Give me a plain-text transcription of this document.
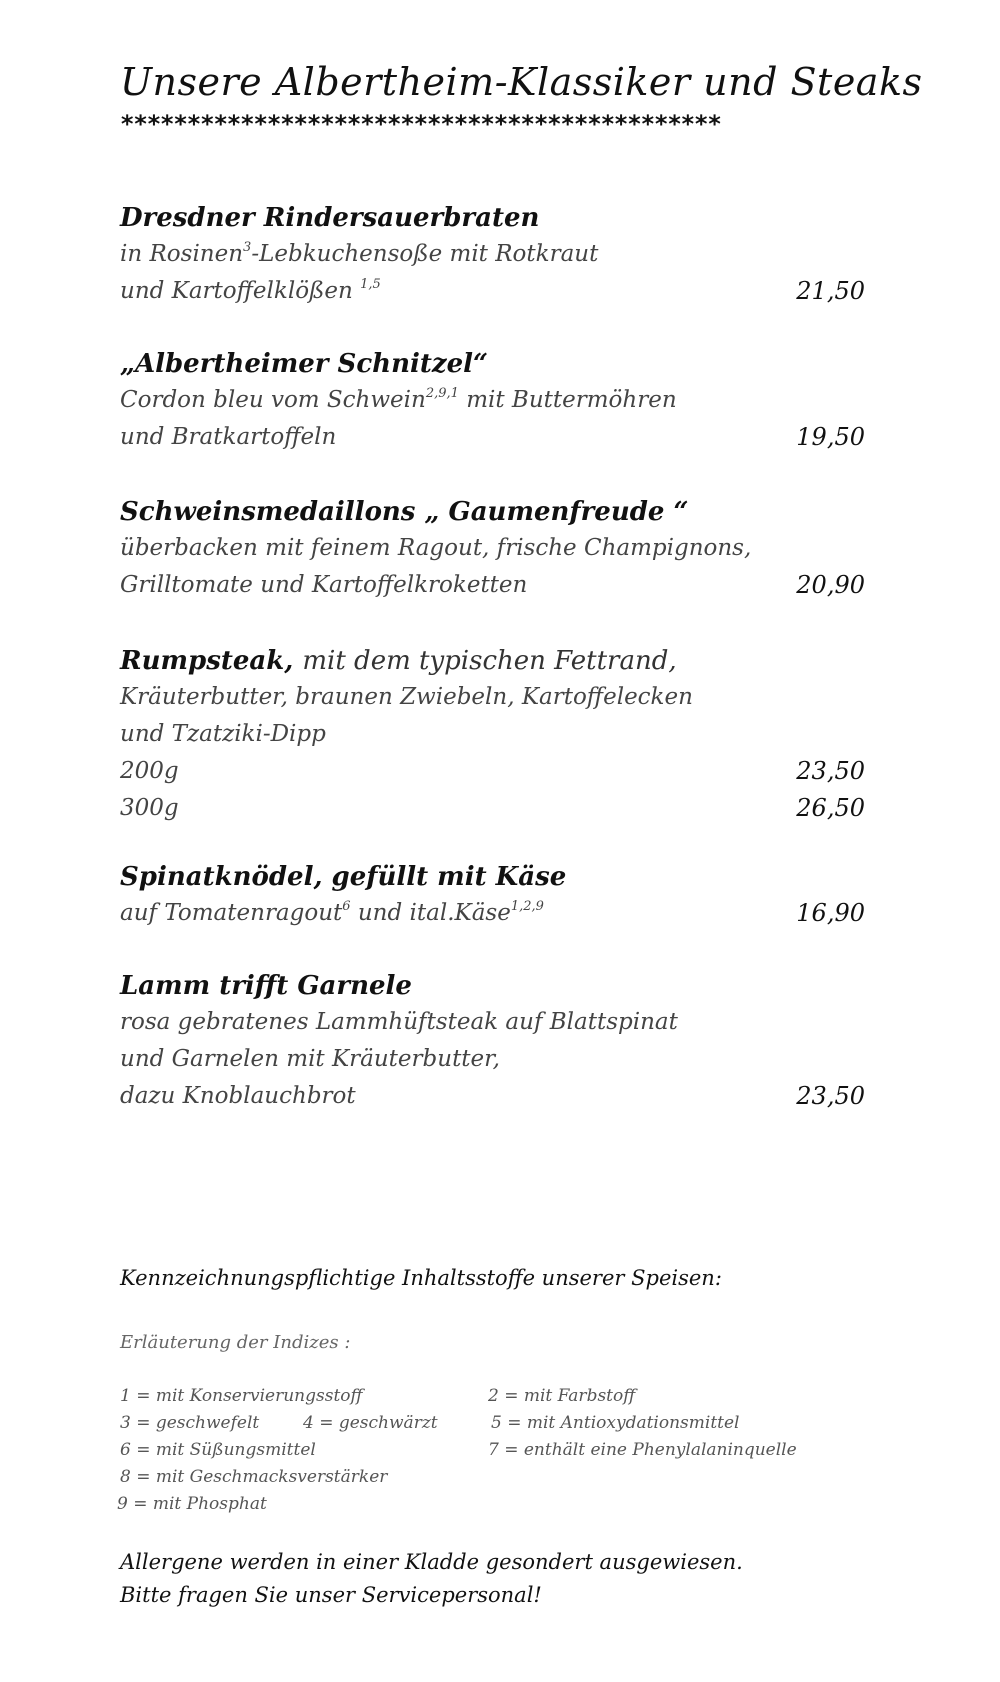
Unsere Albertheim-Klassiker und Steaks
*********************************************
Dresdner Rindersauerbraten
in Rosinen$^3$-Lebkuchensoße mit Rotkraut
und Kartoffelklößen $^{1,5}$	21,50
„Albertheimer Schnitzel“
Cordon bleu vom Schwein$^{2,9,1}$ mit Buttermöhren
und Bratkartoffeln	19,50
Schweinsmedaillons „ Gaumenfreude “
überbacken mit feinem Ragout, frische Champignons,
Grilltomate und Kartoffelkroketten	20,90
Rumpsteak, mit dem typischen Fettrand,
Kräuterbutter, braunen Zwiebeln, Kartoffelecken
und Tzatziki-Dipp
200g	23,50
300g	26,50
Spinatknödel, gefüllt mit Käse
auf Tomatenragout$^6$ und ital.Käse$^{1,2,9}$	16,90
Lamm trifft Garnele
rosa gebratenes Lammhüftsteak auf Blattspinat
und Garnelen mit Kräuterbutter,
dazu Knoblauchbrot	23,50
Kennzeichnungspflichtige Inhaltsstoffe unserer Speisen:
Erläuterung der Indizes :
1 = mit Konservierungsstoff	2 = mit Farbstoff
3 = geschwefelt	4 = geschwärzt	5 = mit Antioxydationsmittel
6 = mit Süßungsmittel	7 = enthält eine Phenylalaninquelle
8 = mit Geschmacksverstärker
9 = mit Phosphat
Allergene werden in einer Kladde gesondert ausgewiesen.
Bitte fragen Sie unser Servicepersonal!
